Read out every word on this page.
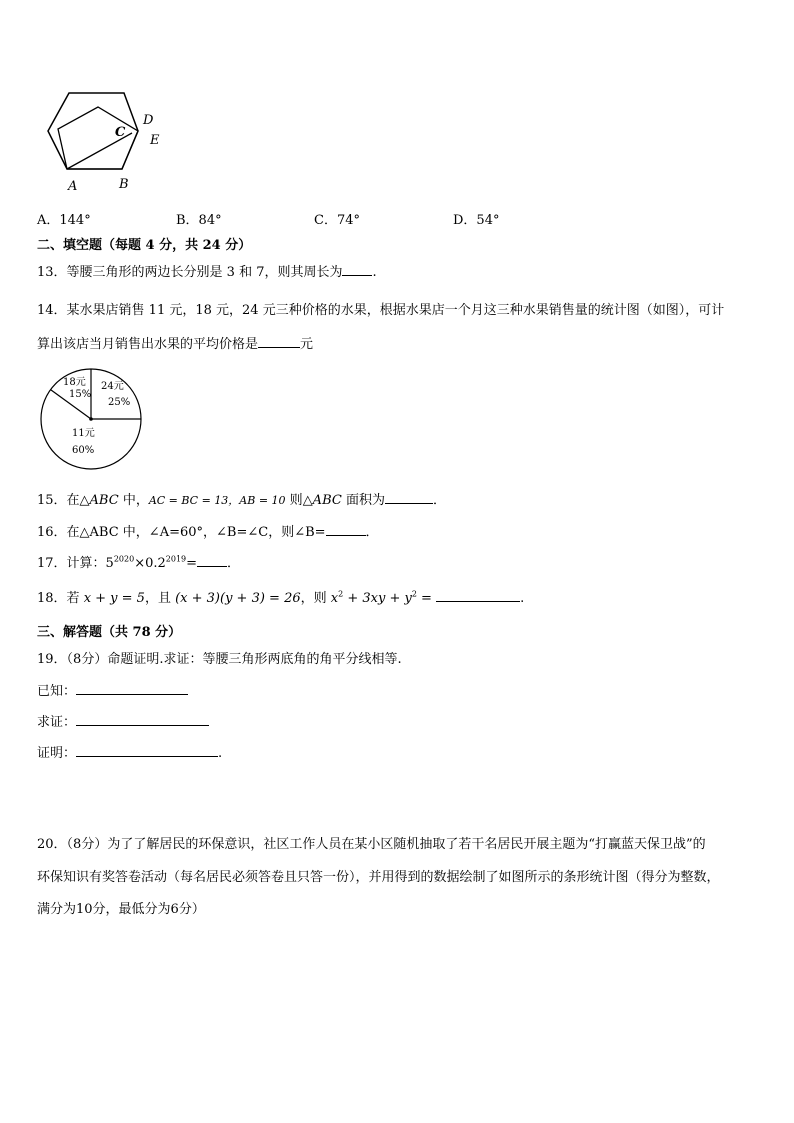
C
D
E
A	B
A．144°	B．84°	C．74°	D．54°
二、填空题（每题 4 分，共 24 分）
13．等腰三角形的两边长分别是 3 和 7，则其周长为 .
14．某水果店销售 11 元，18 元，24 元三种价格的水果，根据水果店一个月这三种水果销售量的统计图（如图），可计
算出该店当月销售出水果的平均价格是	元
24元
25%
11元
60%
18元
15%
15．在△ABC 中，AC = BC = 13，AB = 10 则△ABC 面积为	．
16．在△ABC 中，∠A=60°，∠B=∠C，则∠B=	．
17．计算：$5^{2020}\times 0.2^{2019}=$ ．
18．若 x + y = 5，且 (x + 3)(y + 3) = 26，则 $x^2 + 3xy + y^2$ =	.
三、解答题（共 78 分）
19．（8分）命题证明.求证：等腰三角形两底角的角平分线相等.
已知：
求证：
证明：	.
20．（8分）为了了解居民的环保意识，社区工作人员在某小区随机抽取了若干名居民开展主题为“打赢蓝天保卫战”的
环保知识有奖答卷活动（每名居民必须答卷且只答一份），并用得到的数据绘制了如图所示的条形统计图（得分为整数，
满分为10分，最低分为6分）
